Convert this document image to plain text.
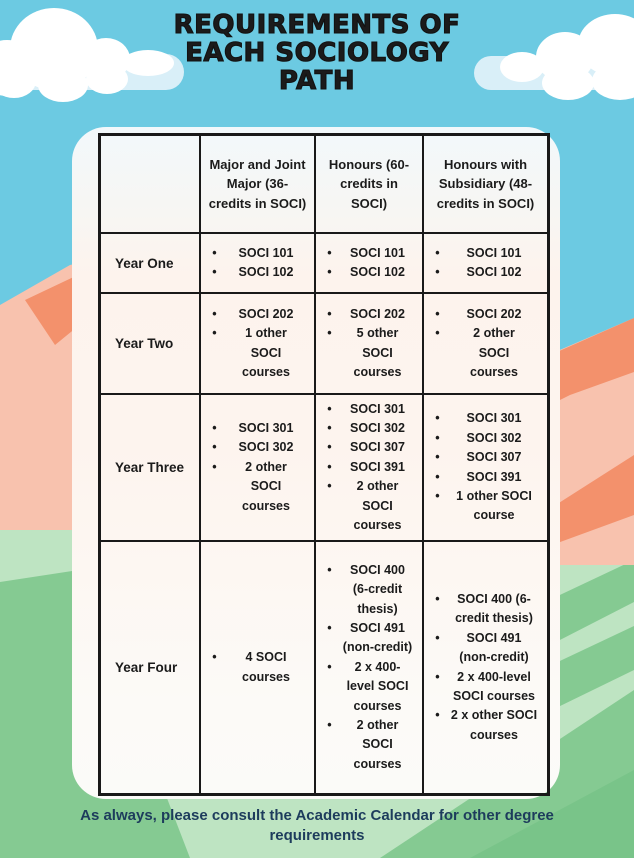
REQUIREMENTS OF
EACH SOCIOLOGY
PATH
Major and Joint Major (36-credits in SOCI)
Honours (60-credits in SOCI)
Honours with Subsidiary (48-credits in SOCI)
Year One
•
SOCI 101
•
SOCI 102
•
SOCI 101
•
SOCI 102
•
SOCI 101
•
SOCI 102
Year Two
•
SOCI 202
•
1 other SOCI courses
•
SOCI 202
•
5 other SOCI courses
•
SOCI 202
•
2 other SOCI courses
Year Three
•
SOCI 301
•
SOCI 302
•
2 other SOCI courses
•
SOCI 301
•
SOCI 302
•
SOCI 307
•
SOCI 391
•
2 other SOCI courses
•
SOCI 301
•
SOCI 302
•
SOCI 307
•
SOCI 391
•
1 other SOCI course
Year Four
•
4 SOCI courses
•
SOCI 400 (6-credit thesis)
•
SOCI 491 (non-credit)
•
2 x 400-level SOCI courses
•
2 other SOCI courses
•
SOCI 400 (6-credit thesis)
•
SOCI 491 (non-credit)
•
2 x 400-level SOCI courses
•
2 x other SOCI courses
As always, please consult the Academic Calendar for other degree requirements
